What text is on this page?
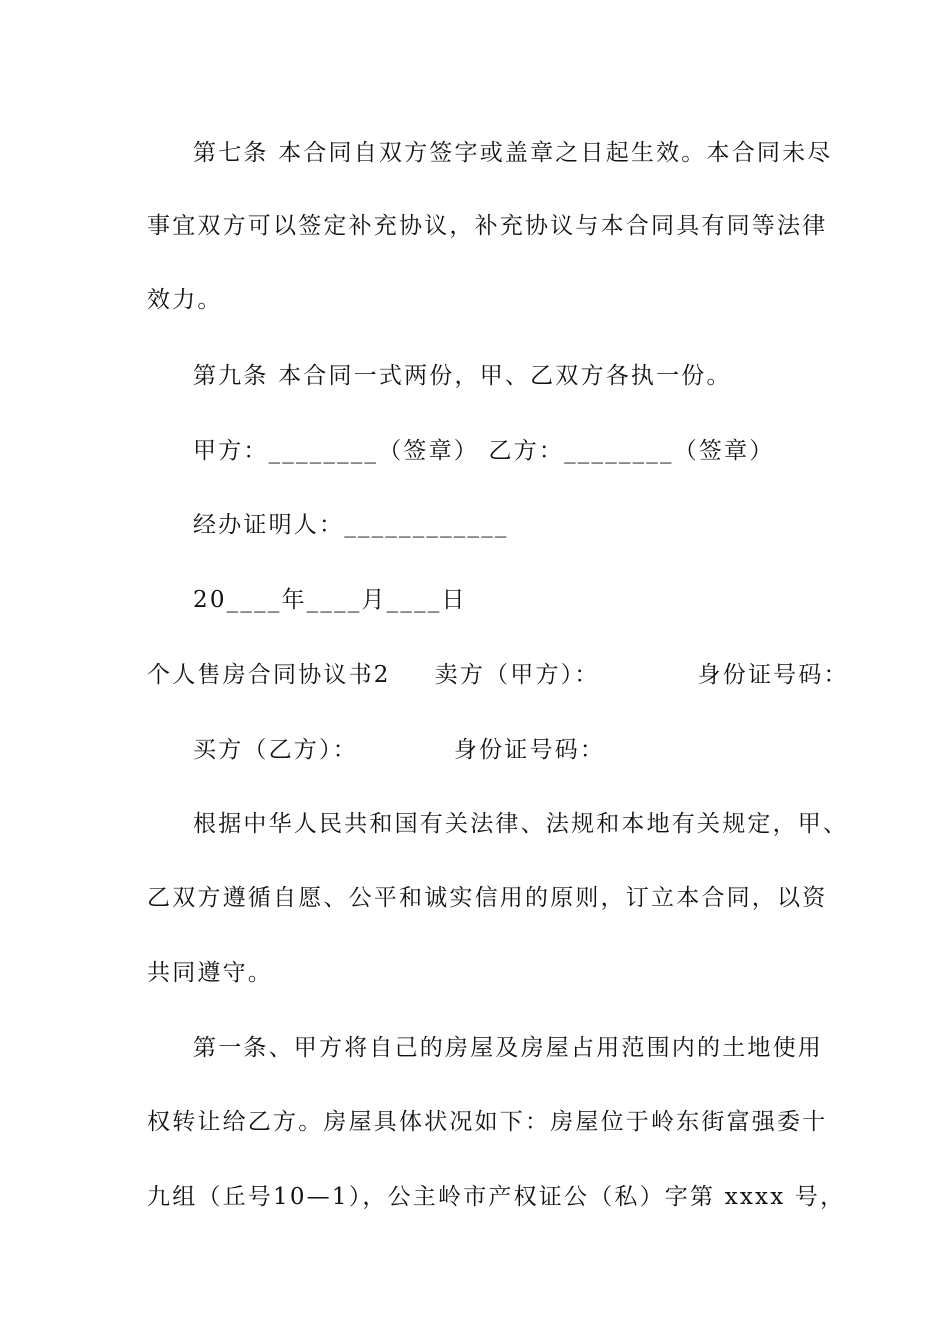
第七条 本合同自双方签字或盖章之日起生效。本合同未尽
事宜双方可以签定补充协议，补充协议与本合同具有同等法律
效力。
第九条 本合同一式两份，甲、乙双方各执一份。
甲方：________（签章） 乙方：________（签章）
经办证明人：____________
20____年____月____日
个人售房合同协议书2 卖方（甲方）：	身份证号码：
买方（乙方）：	身份证号码：
根据中华人民共和国有关法律、法规和本地有关规定，甲、
乙双方遵循自愿、公平和诚实信用的原则，订立本合同，以资
共同遵守。
第一条、甲方将自己的房屋及房屋占用范围内的土地使用
权转让给乙方。房屋具体状况如下：房屋位于岭东街富强委十
九组（丘号10—1），公主岭市产权证公（私）字第 xxxx 号，
